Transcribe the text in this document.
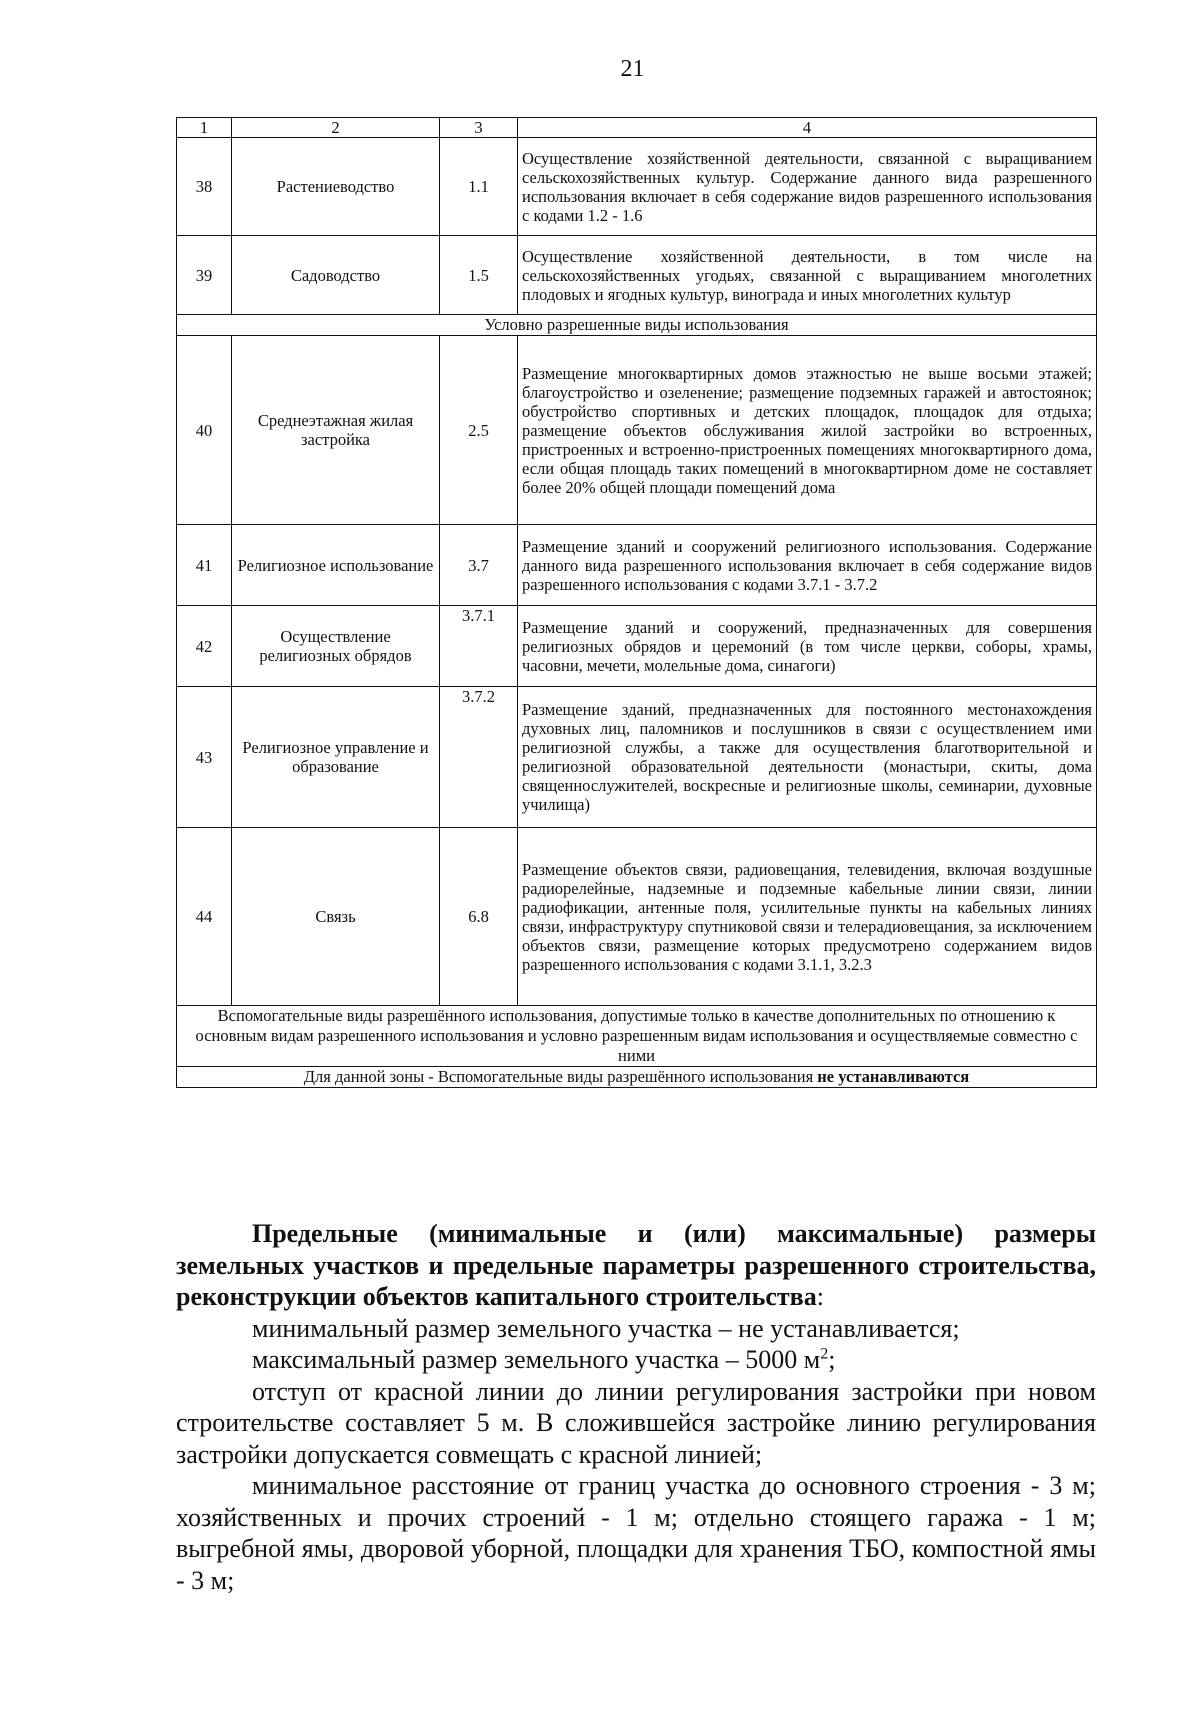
21
1	2	3	4
38	Растениеводство	1.1	Осуществление хозяйственной деятельности, связанной с выращиванием сельскохозяйственных культур. Содержание данного вида разрешенного использования включает в себя содержание видов разрешенного использования с кодами 1.2 - 1.6
39	Садоводство	1.5	Осуществление хозяйственной деятельности, в том числе на сельскохозяйственных угодьях, связанной с выращиванием многолетних плодовых и ягодных культур, винограда и иных многолетних культур
Условно разрешенные виды использования			
40	Среднеэтажная жилая застройка	2.5	Размещение многоквартирных домов этажностью не выше восьми этажей; благоустройство и озеленение; размещение подземных гаражей и автостоянок; обустройство спортивных и детских площадок, площадок для отдыха; размещение объектов обслуживания жилой застройки во встроенных, пристроенных и встроенно-пристроенных помещениях многоквартирного дома, если общая площадь таких помещений в многоквартирном доме не составляет более 20% общей площади помещений дома
41	Религиозное использование	3.7	Размещение зданий и сооружений религиозного использования. Содержание данного вида разрешенного использования включает в себя содержание видов разрешенного использования с кодами 3.7.1 - 3.7.2
42	Осуществление религиозных обрядов	3.7.1	Размещение зданий и сооружений, предназначенных для совершения религиозных обрядов и церемоний (в том числе церкви, соборы, храмы, часовни, мечети, молельные дома, синагоги)
43	Религиозное управление и образование	3.7.2	Размещение зданий, предназначенных для постоянного местонахождения духовных лиц, паломников и послушников в связи с осуществлением ими религиозной службы, а также для осуществления благотворительной и религиозной образовательной деятельности (монастыри, скиты, дома священнослужителей, воскресные и религиозные школы, семинарии, духовные училища)
44	Связь	6.8	Размещение объектов связи, радиовещания, телевидения, включая воздушные радиорелейные, надземные и подземные кабельные линии связи, линии радиофикации, антенные поля, усилительные пункты на кабельных линиях связи, инфраструктуру спутниковой связи и телерадиовещания, за исключением объектов связи, размещение которых предусмотрено содержанием видов разрешенного использования с кодами 3.1.1, 3.2.3
Вспомогательные виды разрешённого использования, допустимые только в качестве дополнительных по отношению к основным видам разрешенного использования и условно разрешенным видам использования и осуществляемые совместно с ними			
Для данной зоны - Вспомогательные виды разрешённого использования не устанавливаются			

Предельные (минимальные и (или) максимальные) размеры земельных участков и предельные параметры разрешенного строительства, реконструкции объектов капитального строительства:

минимальный размер земельного участка – не устанавливается;

максимальный размер земельного участка – 5000 $м^2$;

отступ от красной линии до линии регулирования застройки при новом строительстве составляет 5 м. В сложившейся застройке линию регулирования застройки допускается совмещать с красной линией;

минимальное расстояние от границ участка до основного строения - 3 м; хозяйственных и прочих строений - 1 м; отдельно стоящего гаража - 1 м; выгребной ямы, дворовой уборной, площадки для хранения ТБО, компостной ямы - 3 м;
